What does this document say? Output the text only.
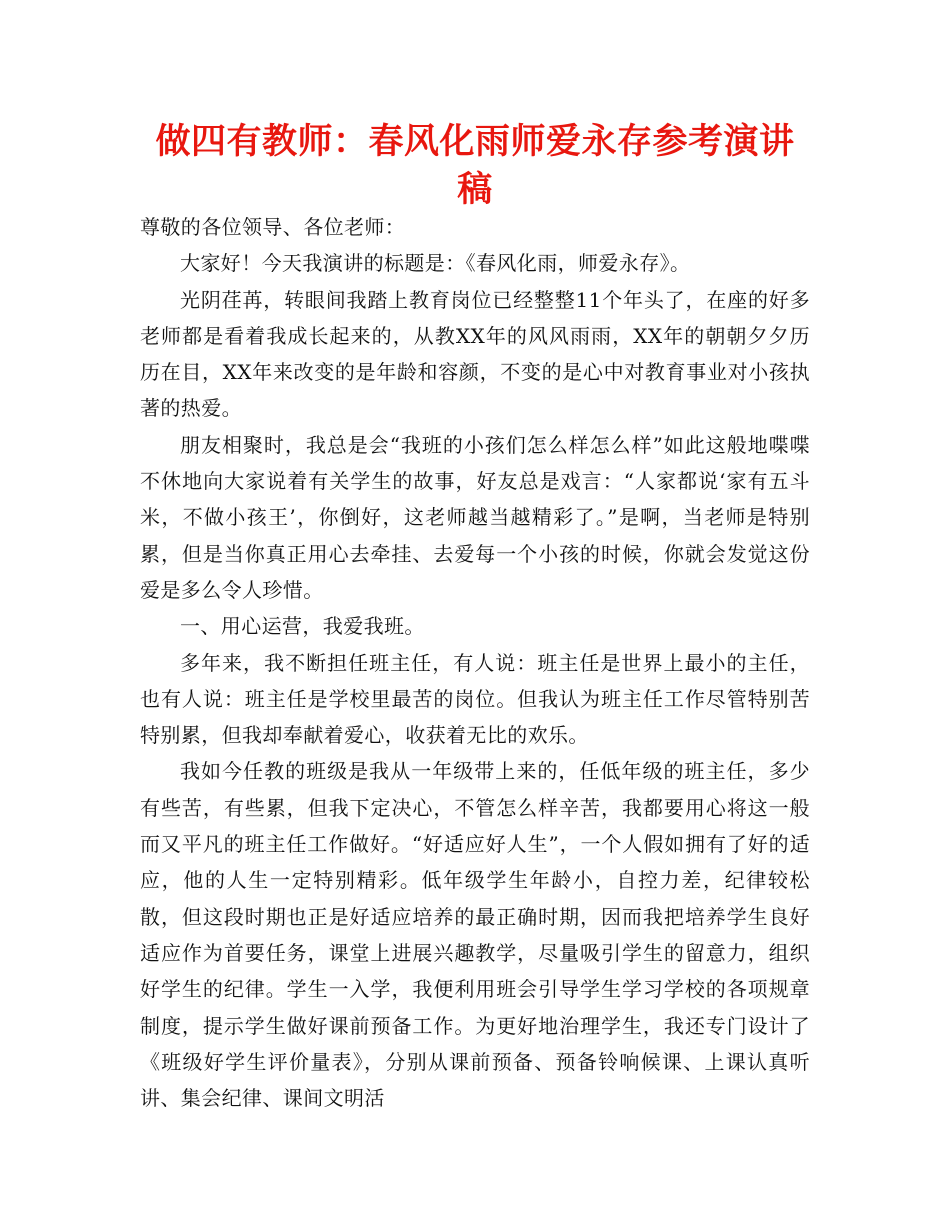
做四有教师：春风化雨师爱永存参考演讲稿

尊敬的各位领导、各位老师：

大家好！今天我演讲的标题是：《春风化雨，师爱永存》。

光阴荏苒，转眼间我踏上教育岗位已经整整11个年头了，在座的好多老师都是看着我成长起来的，从教XX年的风风雨雨，XX年的朝朝夕夕历历在目，XX年来改变的是年龄和容颜，不变的是心中对教育事业对小孩执著的热爱。

朋友相聚时，我总是会“我班的小孩们怎么样怎么样”如此这般地喋喋不休地向大家说着有关学生的故事，好友总是戏言：“人家都说‘家有五斗米，不做小孩王’，你倒好，这老师越当越精彩了。”是啊，当老师是特别累，但是当你真正用心去牵挂、去爱每一个小孩的时候，你就会发觉这份爱是多么令人珍惜。

一、用心运营，我爱我班。

多年来，我不断担任班主任，有人说：班主任是世界上最小的主任，也有人说：班主任是学校里最苦的岗位。但我认为班主任工作尽管特别苦特别累，但我却奉献着爱心，收获着无比的欢乐。

我如今任教的班级是我从一年级带上来的，任低年级的班主任，多少有些苦，有些累，但我下定决心，不管怎么样辛苦，我都要用心将这一般而又平凡的班主任工作做好。“好适应好人生”，一个人假如拥有了好的适应，他的人生一定特别精彩。低年级学生年龄小，自控力差，纪律较松散，但这段时期也正是好适应培养的最正确时期，因而我把培养学生良好适应作为首要任务，课堂上进展兴趣教学，尽量吸引学生的留意力，组织好学生的纪律。学生一入学，我便利用班会引导学生学习学校的各项规章制度，提示学生做好课前预备工作。为更好地治理学生，我还专门设计了《班级好学生评价量表》，分别从课前预备、预备铃响候课、上课认真听讲、集会纪律、课间文明活
